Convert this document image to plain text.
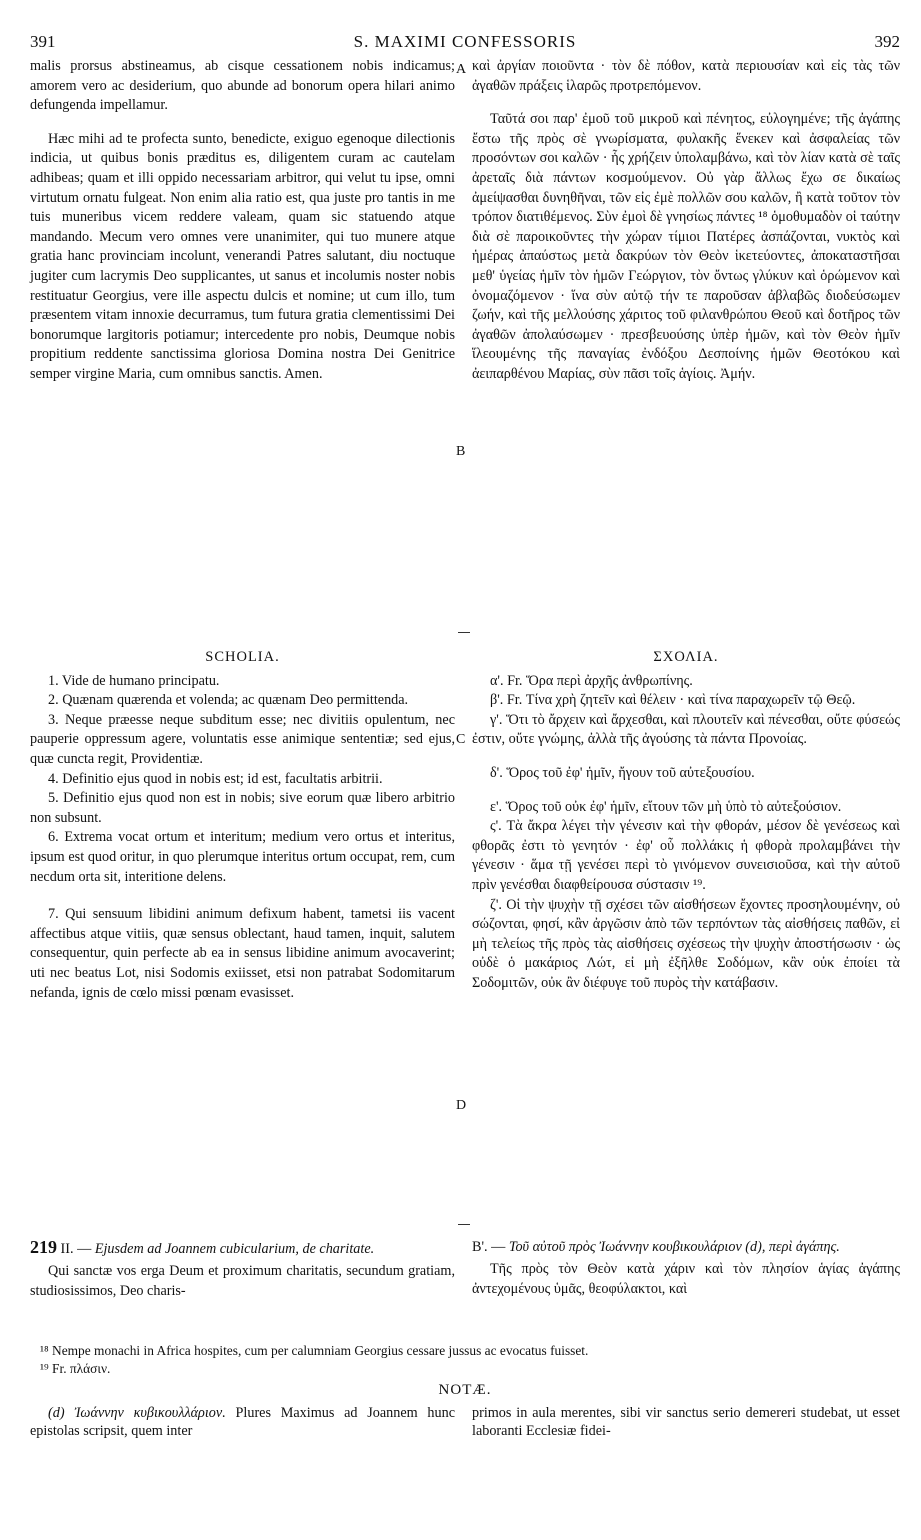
391	S. MAXIMI CONFESSORIS	392

malis prorsus abstineamus, ab cisque cessationem nobis indicamus; amorem vero ac desiderium, quo abunde ad bonorum opera hilari animo defungenda impellamur.

Hæc mihi ad te profecta sunto, benedicte, exiguo egenoque dilectionis indicia, ut quibus bonis præditus es, diligentem curam ac cautelam adhibeas; quam et illi oppido necessariam arbitror, qui velut tu ipse, omni virtutum ornatu fulgeat. Non enim alia ratio est, qua juste pro tantis in me tuis muneribus vicem reddere valeam, quam sic statuendo atque mandando. Mecum vero omnes vere unanimiter, qui tuo munere atque gratia hanc provinciam incolunt, venerandi Patres salutant, diu noctuque jugiter cum lacrymis Deo supplicantes, ut sanus et incolumis noster nobis restituatur Georgius, vere ille aspectu dulcis et nomine; ut cum illo, tum præsentem vitam innoxie decurramus, tum futura gratia clementissimi Dei bonorumque largitoris potiamur; intercedente pro nobis, Deumque nobis propitium reddente sanctissima gloriosa Domina nostra Dei Genitrice semper virgine Maria, cum omnibus sanctis. Amen.

καὶ ἀργίαν ποιοῦντα · τὸν δὲ πόθον, κατὰ περιουσίαν καὶ εἰς τὰς τῶν ἀγαθῶν πράξεις ἱλαρῶς προτρεπόμενον.

Ταῦτά σοι παρ' ἐμοῦ τοῦ μικροῦ καὶ πένητος, εὐλογημένε; τῆς ἀγάπης ἔστω τῆς πρὸς σὲ γνωρίσματα, φυλακῆς ἕνεκεν καὶ ἀσφαλείας τῶν προσόντων σοι καλῶν · ἧς χρήζειν ὑπολαμβάνω, καὶ τὸν λίαν κατὰ σὲ ταῖς ἀρεταῖς διὰ πάντων κοσμούμενον. Οὐ γὰρ ἄλλως ἔχω σε δικαίως ἀμείψασθαι δυνηθῆναι, τῶν εἰς ἐμὲ πολλῶν σου καλῶν, ἢ κατὰ τοῦτον τὸν τρόπον διατιθέμενος. Σὺν ἐμοὶ δὲ γνησίως πάντες ¹⁸ ὁμοθυμαδὸν οἱ ταύτην διὰ σὲ παροικοῦντες τὴν χώραν τίμιοι Πατέρες ἀσπάζονται, νυκτὸς καὶ ἡμέρας ἀπαύστως μετὰ δακρύων τὸν Θεὸν ἱκετεύοντες, ἀποκαταστῆσαι μεθ' ὑγείας ἡμῖν τὸν ἡμῶν Γεώργιον, τὸν ὄντως γλύκυν καὶ ὁρώμενον καὶ ὀνομαζόμενον · ἵνα σὺν αὐτῷ τήν τε παροῦσαν ἀβλαβῶς διοδεύσωμεν ζωήν, καὶ τῆς μελλούσης χάριτος τοῦ φιλανθρώπου Θεοῦ καὶ δοτῆρος τῶν ἀγαθῶν ἀπολαύσωμεν · πρεσβευούσης ὑπὲρ ἡμῶν, καὶ τὸν Θεὸν ἡμῖν ἵλεουμένης τῆς παναγίας ἐνδόξου Δεσποίνης ἡμῶν Θεοτόκου καὶ ἀειπαρθένου Μαρίας, σὺν πᾶσι τοῖς ἁγίοις. Ἀμήν.

A
B
C
D

SCHOLIA.

1. Vide de humano principatu.

2. Quænam quærenda et volenda; ac quænam Deo permittenda.

3. Neque præesse neque subditum esse; nec divitiis opulentum, nec pauperie oppressum agere, voluntatis esse animique sententiæ; sed ejus, quæ cuncta regit, Providentiæ.

4. Definitio ejus quod in nobis est; id est, facultatis arbitrii.

5. Definitio ejus quod non est in nobis; sive eorum quæ libero arbitrio non subsunt.

6. Extrema vocat ortum et interitum; medium vero ortus et interitus, ipsum est quod oritur, in quo plerumque interitus ortum occupat, rem, cum necdum orta sit, interitione delens.

7. Qui sensuum libidini animum defixum habent, tametsi iis vacent affectibus atque vitiis, quæ sensus oblectant, haud tamen, inquit, salutem consequentur, quin perfecte ab ea in sensus libidine animum avocaverint; uti nec beatus Lot, nisi Sodomis exiisset, etsi non patrabat Sodomitarum nefanda, ignis de cœlo missi pœnam evasisset.

ΣΧΟΛΙΑ.

α'. Fr. Ὅρα περὶ ἀρχῆς ἀνθρωπίνης.

β'. Fr. Τίνα χρὴ ζητεῖν καὶ θέλειν · καὶ τίνα παραχωρεῖν τῷ Θεῷ.

γ'. Ὅτι τὸ ἄρχειν καὶ ἄρχεσθαι, καὶ πλουτεῖν καὶ πένεσθαι, οὔτε φύσεώς ἐστιν, οὔτε γνώμης, ἀλλὰ τῆς ἀγούσης τὰ πάντα Προνοίας.

δ'. Ὅρος τοῦ ἐφ' ἡμῖν, ἤγουν τοῦ αὐτεξουσίου.

ε'. Ὅρος τοῦ οὐκ ἐφ' ἡμῖν, εἴτουν τῶν μὴ ὑπὸ τὸ αὐτεξούσιον.

ς'. Τὰ ἄκρα λέγει τὴν γένεσιν καὶ τὴν φθοράν, μέσον δὲ γενέσεως καὶ φθορᾶς ἐστι τὸ γενητόν · ἐφ' οὗ πολλάκις ἡ φθορὰ προλαμβάνει τὴν γένεσιν · ἅμα τῇ γενέσει περὶ τὸ γινόμενον συνεισιοῦσα, καὶ τὴν αὐτοῦ πρὶν γενέσθαι διαφθείρουσα σύστασιν ¹⁹.

ζ'. Οἱ τὴν ψυχὴν τῇ σχέσει τῶν αἰσθήσεων ἔχοντες προσηλουμένην, οὐ σώζονται, φησί, κἂν ἀργῶσιν ἀπὸ τῶν τερπόντων τὰς αἰσθήσεις παθῶν, εἰ μὴ τελείως τῆς πρὸς τὰς αἰσθήσεις σχέσεως τὴν ψυχὴν ἀποστήσωσιν · ὡς οὐδὲ ὁ μακάριος Λώτ, εἰ μὴ ἐξῆλθε Σοδόμων, κἂν οὐκ ἐποίει τὰ Σοδομιτῶν, οὐκ ἂν διέφυγε τοῦ πυρὸς τὴν κατάβασιν.

219 II. — Ejusdem ad Joannem cubicularium, de charitate.

Qui sanctæ vos erga Deum et proximum charitatis, secundum gratiam, studiosissimos, Deo charis-

Β'. — Τοῦ αὐτοῦ πρὸς Ἰωάννην κουβικουλάριον (d), περὶ ἀγάπης.

Τῆς πρὸς τὸν Θεὸν κατὰ χάριν καὶ τὸν πλησίον ἁγίας ἀγάπης ἀντεχομένους ὑμᾶς, θεοφύλακτοι, καὶ

¹⁸ Nempe monachi in Africa hospites, cum per calumniam Georgius cessare jussus ac evocatus fuisset.

¹⁹ Fr. πλάσιν.

NOTÆ.

(d) Ἰωάννην κυβικουλλάριον. Plures Maximus ad Joannem hunc epistolas scripsit, quem inter

primos in aula merentes, sibi vir sanctus serio demereri studebat, ut esset laboranti Ecclesiæ fidei-
